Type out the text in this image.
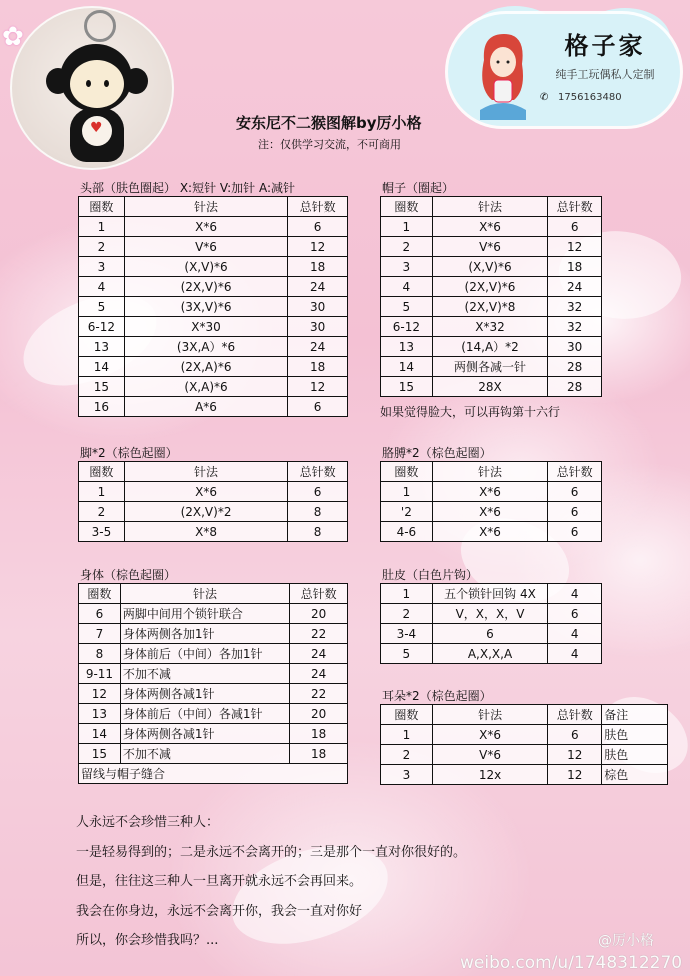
♥
✿	格子家
纯手工玩偶私人定制
✆ 1756163480
安东尼不二猴图解by厉小格
注：仅供学习交流，不可商用
头部（肤色圈起） X:短针 V:加针 A:减针
圈数	针法	总针数
1	X*6	6
2	V*6	12
3	(X,V)*6	18
4	(2X,V)*6	24
5	(3X,V)*6	30
6-12	X*30	30
13	(3X,A）*6	24
14	(2X,A)*6	18
15	(X,A)*6	12
16	A*6	6
帽子（圈起）
圈数	针法	总针数
1	X*6	6
2	V*6	12
3	(X,V)*6	18
4	(2X,V)*6	24
5	(2X,V)*8	32
6-12	X*32	32
13	(14,A）*2	30
14	两侧各减一针	28
15	28X	28
如果觉得脸大，可以再钩第十六行
脚*2（棕色起圈）
圈数	针法	总针数
1	X*6	6
2	(2X,V)*2	8
3-5	X*8	8
胳膊*2（棕色起圈）
圈数	针法	总针数
1	X*6	6
'2	X*6	6
4-6	X*6	6
身体（棕色起圈）
圈数	针法	总针数
6	两脚中间用个锁针联合	20
7	身体两侧各加1针	22
8	身体前后（中间）各加1针	24
9-11	不加不减	24
12	身体两侧各减1针	22
13	身体前后（中间）各减1针	20
14	身体两侧各减1针	18
15	不加不减	18
留线与帽子缝合		
肚皮（白色片钩）
1	五个锁针回钩 4X	4
2	V，X，X，V	6
3-4	6	4
5	A,X,X,A	4
耳朵*2（棕色起圈）
圈数	针法	总针数	备注
1	X*6	6	肤色
2	V*6	12	肤色
3	12x	12	棕色
人永远不会珍惜三种人：
一是轻易得到的；二是永远不会离开的；三是那个一直对你很好的。
但是，往往这三种人一旦离开就永远不会再回来。
我会在你身边，永远不会离开你，我会一直对你好
所以，你会珍惜我吗？...	@厉小格
weibo.com/u/1748312270
